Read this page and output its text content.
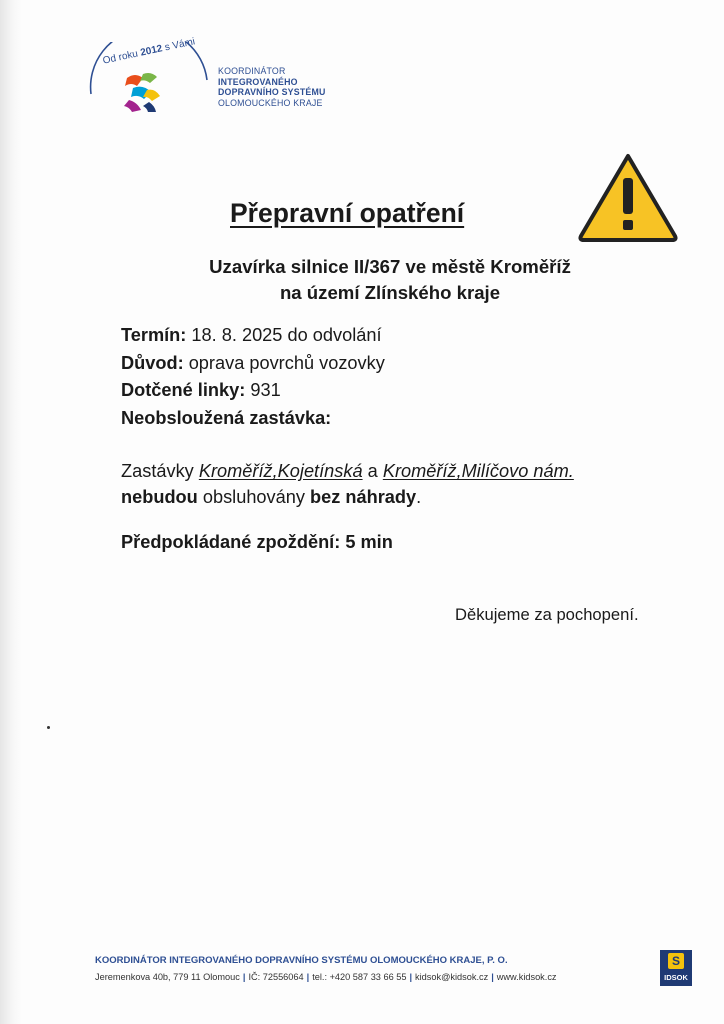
Od roku 2012 s Vámi
KOORDINÁTOR
INTEGROVANÉHO
DOPRAVNÍHO SYSTÉMU
OLOMOUCKÉHO KRAJE
Přepravní opatření
Uzavírka silnice II/367 ve městě Kroměříž
na území Zlínského kraje
Termín: 18. 8. 2025 do odvolání
Důvod: oprava povrchů vozovky
Dotčené linky: 931
Neobsloužená zastávka:
Zastávky Kroměříž,Kojetínská a Kroměříž,Milíčovo nám. nebudou obsluhovány bez náhrady.
Předpokládané zpoždění: 5 min
Děkujeme za pochopení.
KOORDINÁTOR INTEGROVANÉHO DOPRAVNÍHO SYSTÉMU OLOMOUCKÉHO KRAJE, P. O.
Jeremenkova 40b, 779 11 Olomouc | IČ: 72556064 | tel.: +420 587 33 66 55 | kidsok@kidsok.cz | www.kidsok.cz
S
IDSOK
